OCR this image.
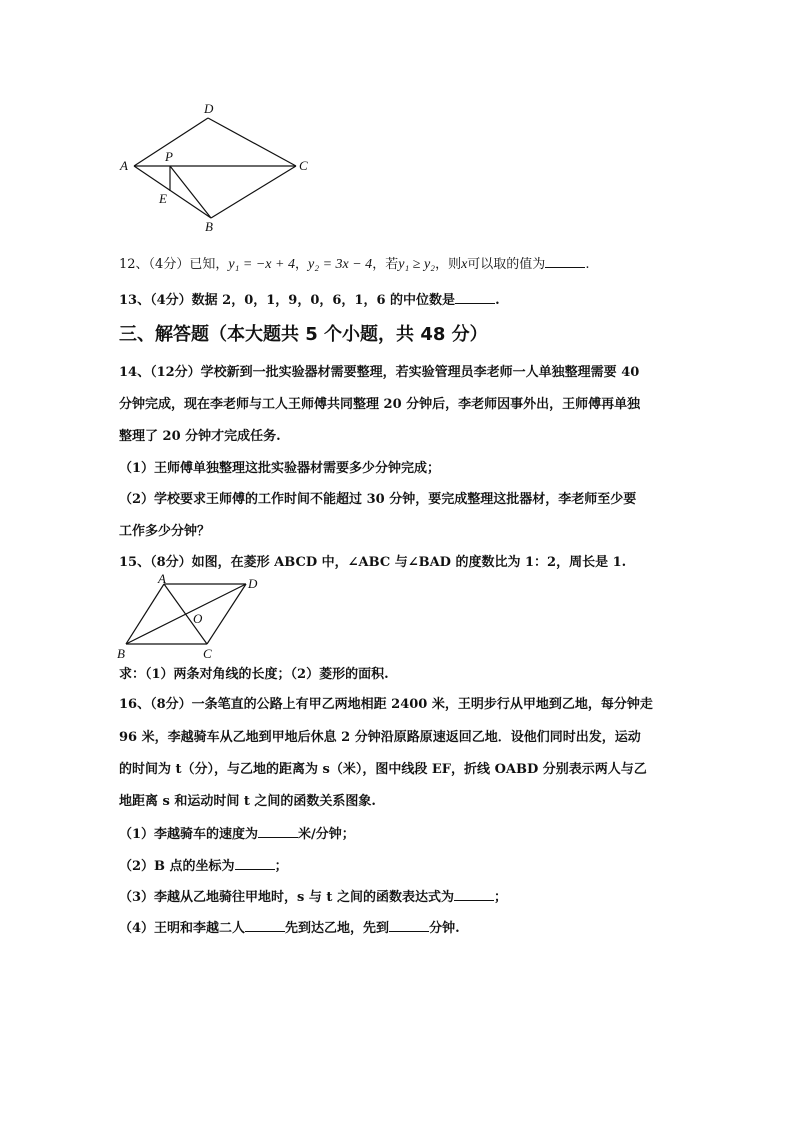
D
A
P
C
E
B
12、（4分）已知，y₁ = −x + 4，y₂ = 3x − 4，若y₁ ≥ y₂，则x可以取的值为	.
13、（4分）数据 2，0，1，9，0，6，1，6 的中位数是	.
三、解答题（本大题共 5 个小题，共 48 分）
14、（12分）学校新到一批实验器材需要整理，若实验管理员李老师一人单独整理需要 40
分钟完成，现在李老师与工人王师傅共同整理 20 分钟后，李老师因事外出，王师傅再单独
整理了 20 分钟才完成任务.
（1）王师傅单独整理这批实验器材需要多少分钟完成；
（2）学校要求王师傅的工作时间不能超过 30 分钟，要完成整理这批器材，李老师至少要
工作多少分钟？
15、（8分）如图，在菱形 ABCD 中，∠ABC 与∠BAD 的度数比为 1：2，周长是 1.
A	D
O
B	C
求：（1）两条对角线的长度；（2）菱形的面积.
16、（8分）一条笔直的公路上有甲乙两地相距 2400 米，王明步行从甲地到乙地，每分钟走
96 米，李越骑车从乙地到甲地后休息 2 分钟沿原路原速返回乙地．设他们同时出发，运动
的时间为 t（分），与乙地的距离为 s（米），图中线段 EF，折线 OABD 分别表示两人与乙
地距离 s 和运动时间 t 之间的函数关系图象.
（1）李越骑车的速度为	米/分钟；
（2）B 点的坐标为	；
（3）李越从乙地骑往甲地时，s 与 t 之间的函数表达式为	；
（4）王明和李越二人	先到达乙地，先到	分钟.
